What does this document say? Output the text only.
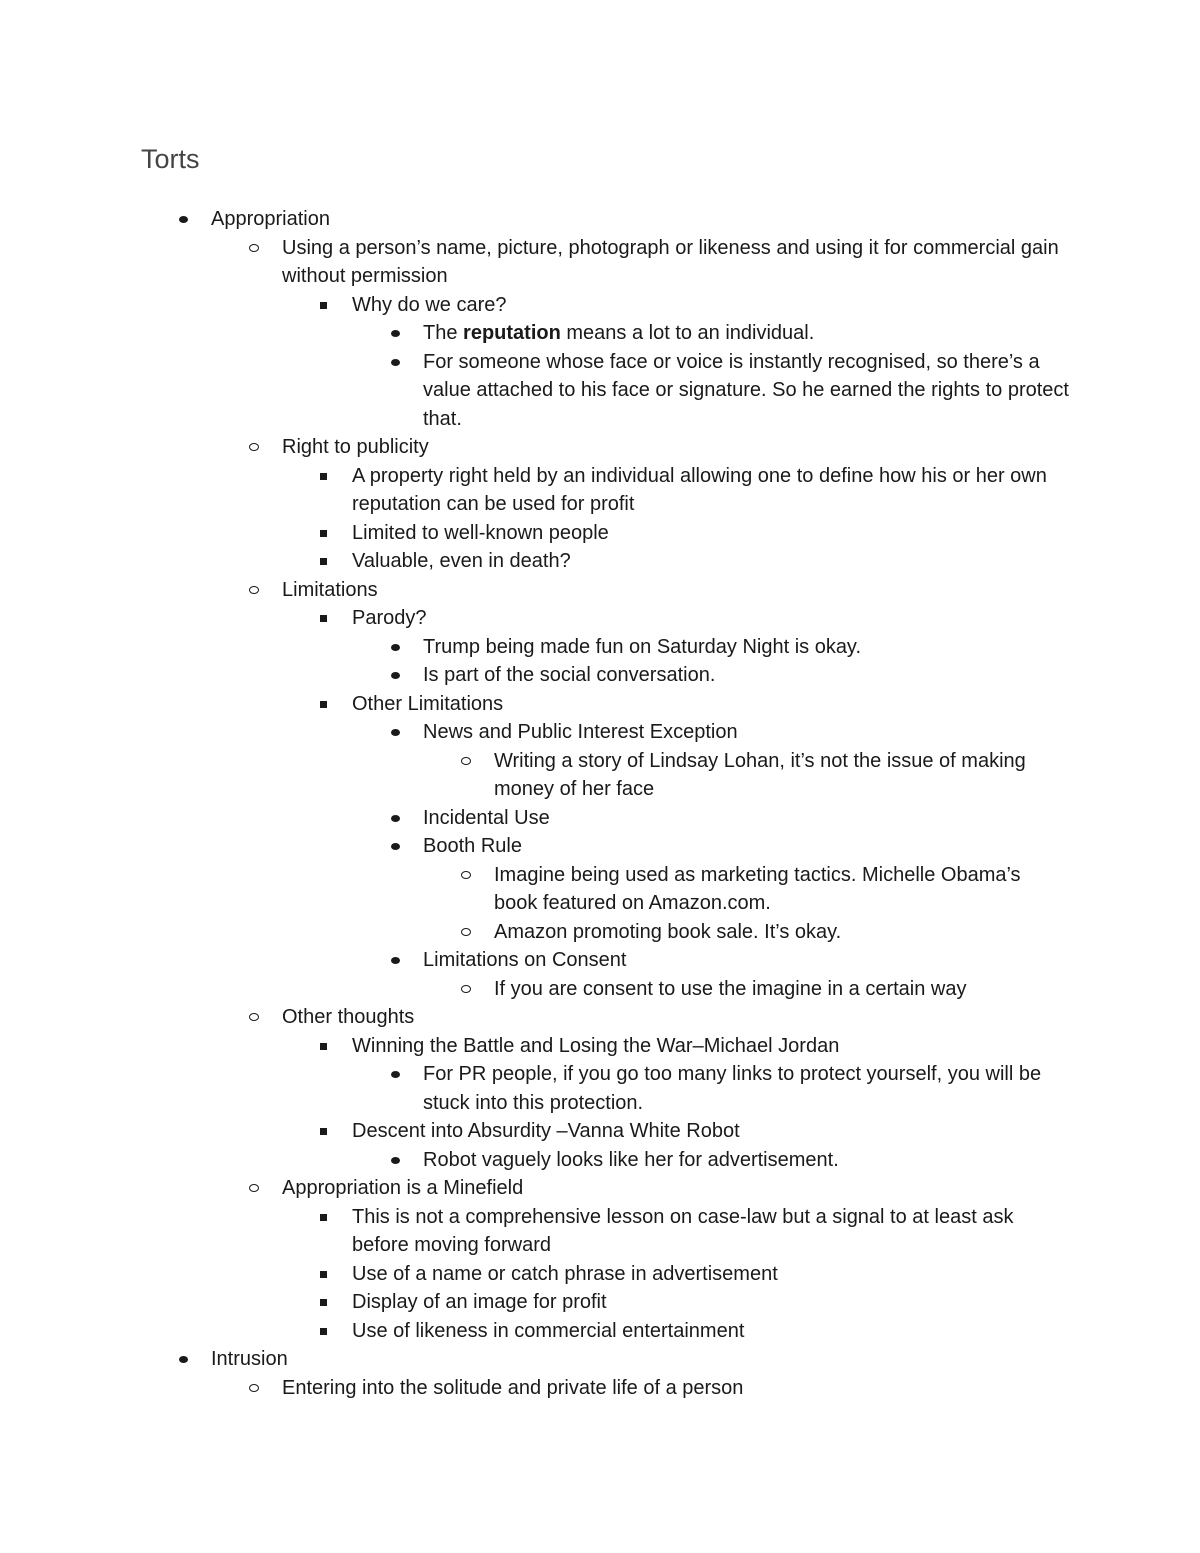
Torts
Appropriation
Using a person’s name, picture, photograph or likeness and using it for commercial gain without permission
Why do we care?
The reputation means a lot to an individual.
For someone whose face or voice is instantly recognised, so there’s a value attached to his face or signature. So he earned the rights to protect that.
Right to publicity
A property right held by an individual allowing one to define how his or her own reputation can be used for profit
Limited to well-known people
Valuable, even in death?
Limitations
Parody?
Trump being made fun on Saturday Night is okay.
Is part of the social conversation.
Other Limitations
News and Public Interest Exception
Writing a story of Lindsay Lohan, it’s not the issue of making money of her face
Incidental Use
Booth Rule
Imagine being used as marketing tactics. Michelle Obama’s book featured on Amazon.com.
Amazon promoting book sale. It’s okay.
Limitations on Consent
If you are consent to use the imagine in a certain way
Other thoughts
Winning the Battle and Losing the War–Michael Jordan
For PR people, if you go too many links to protect yourself, you will be stuck into this protection.
Descent into Absurdity –Vanna White Robot
Robot vaguely looks like her for advertisement.
Appropriation is a Minefield
This is not a comprehensive lesson on case-law but a signal to at least ask before moving forward
Use of a name or catch phrase in advertisement
Display of an image for profit
Use of likeness in commercial entertainment
Intrusion
Entering into the solitude and private life of a person
